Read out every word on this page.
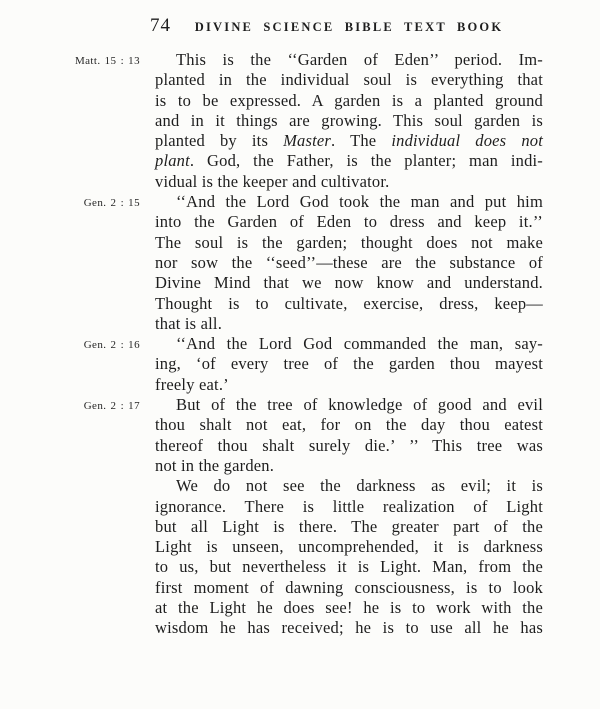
74	DIVINE SCIENCE BIBLE TEXT BOOK
Matt. 15 : 13	This is the ‘‘Garden of Eden’’ period. Im-
planted in the individual soul is everything that
is to be expressed. A garden is a planted ground
and in it things are growing. This soul garden is
planted by its Master. The individual does not
plant. God, the Father, is the planter; man indi-
vidual is the keeper and cultivator.
Gen. 2 : 15	‘‘And the Lord God took the man and put him
into the Garden of Eden to dress and keep it.’’
The soul is the garden; thought does not make
nor sow the ‘‘seed’’—these are the substance of
Divine Mind that we now know and understand.
Thought is to cultivate, exercise, dress, keep—
that is all.
Gen. 2 : 16	‘‘And the Lord God commanded the man, say-
ing, ‘of every tree of the garden thou mayest
freely eat.’
Gen. 2 : 17	But of the tree of knowledge of good and evil
thou shalt not eat, for on the day thou eatest
thereof thou shalt surely die.’ ’’ This tree was
not in the garden.
We do not see the darkness as evil; it is
ignorance. There is little realization of Light
but all Light is there. The greater part of the
Light is unseen, uncomprehended, it is darkness
to us, but nevertheless it is Light. Man, from the
first moment of dawning consciousness, is to look
at the Light he does see! he is to work with the
wisdom he has received; he is to use all he has
